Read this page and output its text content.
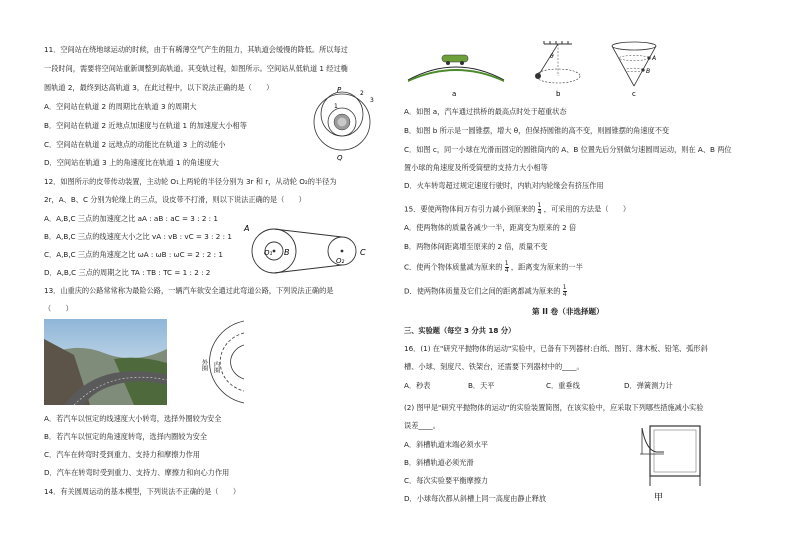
11．空间站在绕地球运动的时候，由于有稀薄空气产生的阻力，其轨道会缓慢的降低。所以每过
一段时间，需要将空间站重新调整到高轨道。其变轨过程，如图所示。空间站从低轨道 1 经过椭
圆轨道 2，最终到达高轨道 3，在此过程中，以下说法正确的是（　　）
A．空间站在轨道 2 的周期比在轨道 3 的周期大
B．空间站在轨道 2 近地点加速度与在轨道 1 的加速度大小相等
C．空间站在轨道 2 远地点的动能比在轨道 3 上的动能小
D．空间站在轨道 3 上的角速度比在轨道 1 的角速度大
P
Q
1
2
3
12．如图所示的皮带传动装置，主动轮 O₁上两轮的半径分别为 3r 和 r，从动轮 O₂的半径为
2r，A、B、C 分别为轮缘上的三点，设皮带不打滑，则以下说法正确的是（　　）
A．A,B,C 三点的加速度之比 aA : aB : aC = 3 : 2 : 1
B．A,B,C 三点的线速度大小之比 vA : vB : vC = 3 : 2 : 1
C．A,B,C 三点的角速度之比 ωA : ωB : ωC = 2 : 2 : 1
D．A,B,C 三点的周期之比 TA : TB : TC = 1 : 2 : 2
A
B	C
O₁
O₂
13．山重庆的公路常常称为最险公路，一辆汽车欲安全通过此弯道公路，下列说法正确的是
（　　）
外圈 内圈
A．若汽车以恒定的线速度大小转弯，选择外圈较为安全
B．若汽车以恒定的角速度转弯，选择内圈较为安全
C．汽车在转弯时受到重力、支持力和摩擦力作用
D．汽车在转弯时受到重力、支持力、摩擦力和向心力作用
14．有关圆周运动的基本模型，下列说法不正确的是（　　）
a
θ
b
A
B
c
A．如图 a，汽车通过拱桥的最高点时处于超重状态
B．如图 b 所示是一圆锥摆，增大 θ，但保持圆锥的高不变，则圆锥摆的角速度不变
C．如图 c，同一小球在光滑而固定的圆锥筒内的 A、B 位置先后分别做匀速圆周运动，则在 A、B 两位
置小球的角速度及所受筒壁的支持力大小相等
D．火车转弯超过规定速度行驶时，内轨对内轮缘会有挤压作用
15．要使两物体间万有引力减小到原来的 $\frac{1}{4}$ ，可采用的方法是（　　）
A．使两物体的质量各减少一半，距离变为原来的 2 倍
B．两物体间距离增至原来的 2 倍，质量不变
C．使两个物体质量减为原来的 $\frac{1}{4}$ ，距离变为原来的一半
D．使两物体质量及它们之间的距离都减为原来的 $\frac{1}{4}$
第 II 卷（非选择题）
三、实验题（每空 3 分共 18 分）
16．(1) 在"研究平抛物体的运动"实验中，已备有下列器材:白纸、图钉、薄木板、铅笔、弧形斜
槽、小球、刻度尺、铁架台，还需要下列器材中的____。
A．秒表	B．天平	C．重垂线	D．弹簧测力计
(2) 图甲是"研究平抛物体的运动"的实验装置简图，在该实验中，应采取下列哪些措施减小实验
误差____。
A．斜槽轨道末端必须水平
B．斜槽轨道必须光滑
C．每次实验要平衡摩擦力
D．小球每次都从斜槽上同一高度由静止释放	甲
